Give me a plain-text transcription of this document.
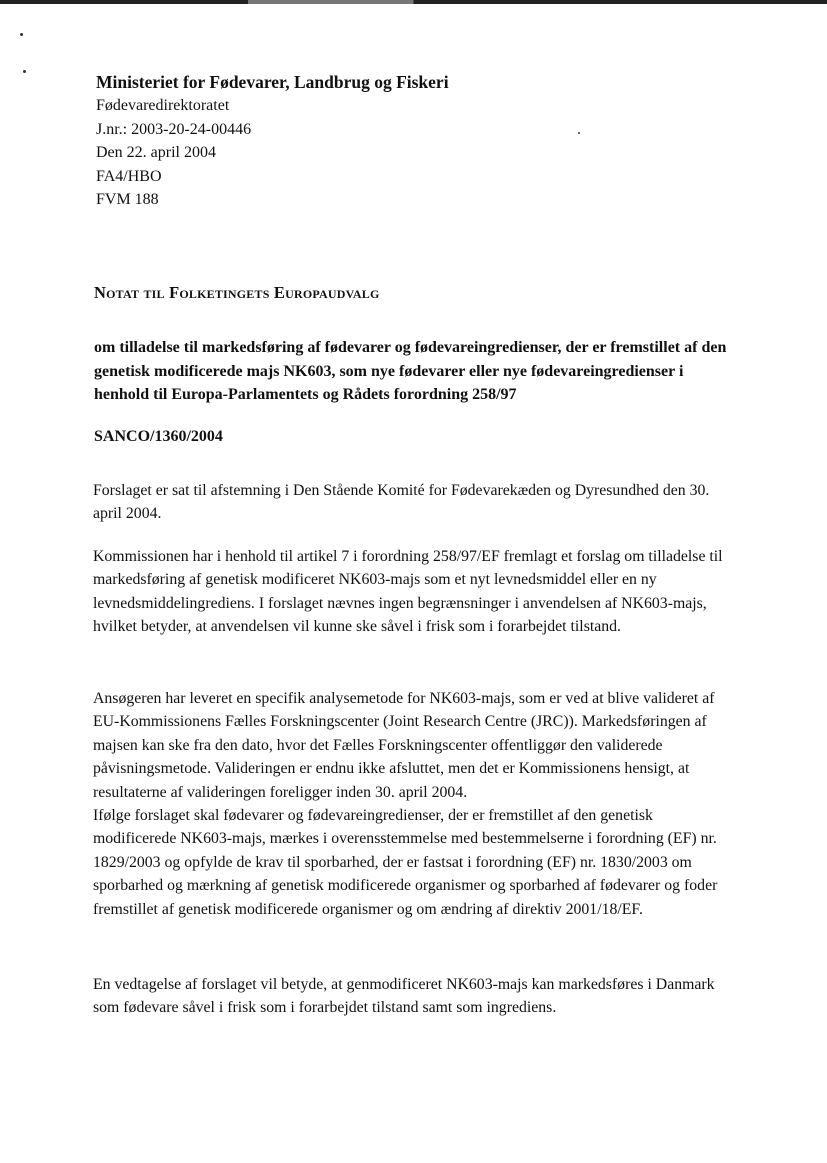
Ministeriet for Fødevarer, Landbrug og Fiskeri
Fødevaredirektoratet
J.nr.: 2003-20-24-00446
Den 22. april 2004
FA4/HBO
FVM 188
Notat til Folketingets Europaudvalg
om tilladelse til markedsføring af fødevarer og fødevareingredienser, der er fremstillet af den genetisk modificerede majs NK603, som nye fødevarer eller nye fødevareingredienser i henhold til Europa-Parlamentets og Rådets forordning 258/97
SANCO/1360/2004

Forslaget er sat til afstemning i Den Stående Komité for Fødevarekæden og Dyresundhed den 30. april 2004.

Kommissionen har i henhold til artikel 7 i forordning 258/97/EF fremlagt et forslag om tilladelse til markedsføring af genetisk modificeret NK603-majs som et nyt levnedsmiddel eller en ny levnedsmiddelingrediens. I forslaget nævnes ingen begrænsninger i anvendelsen af NK603-majs, hvilket betyder, at anvendelsen vil kunne ske såvel i frisk som i forarbejdet tilstand.

Ansøgeren har leveret en specifik analysemetode for NK603-majs, som er ved at blive valideret af EU-Kommissionens Fælles Forskningscenter (Joint Research Centre (JRC)). Markedsføringen af majsen kan ske fra den dato, hvor det Fælles Forskningscenter offentliggør den validerede påvisningsmetode. Valideringen er endnu ikke afsluttet, men det er Kommissionens hensigt, at resultaterne af valideringen foreligger inden 30. april 2004.

Ifølge forslaget skal fødevarer og fødevareingredienser, der er fremstillet af den genetisk modificerede NK603-majs, mærkes i overensstemmelse med bestemmelserne i forordning (EF) nr. 1829/2003 og opfylde de krav til sporbarhed, der er fastsat i forordning (EF) nr. 1830/2003 om sporbarhed og mærkning af genetisk modificerede organismer og sporbarhed af fødevarer og foder fremstillet af genetisk modificerede organismer og om ændring af direktiv 2001/18/EF.

En vedtagelse af forslaget vil betyde, at genmodificeret NK603-majs kan markedsføres i Danmark som fødevare såvel i frisk som i forarbejdet tilstand samt som ingrediens.
